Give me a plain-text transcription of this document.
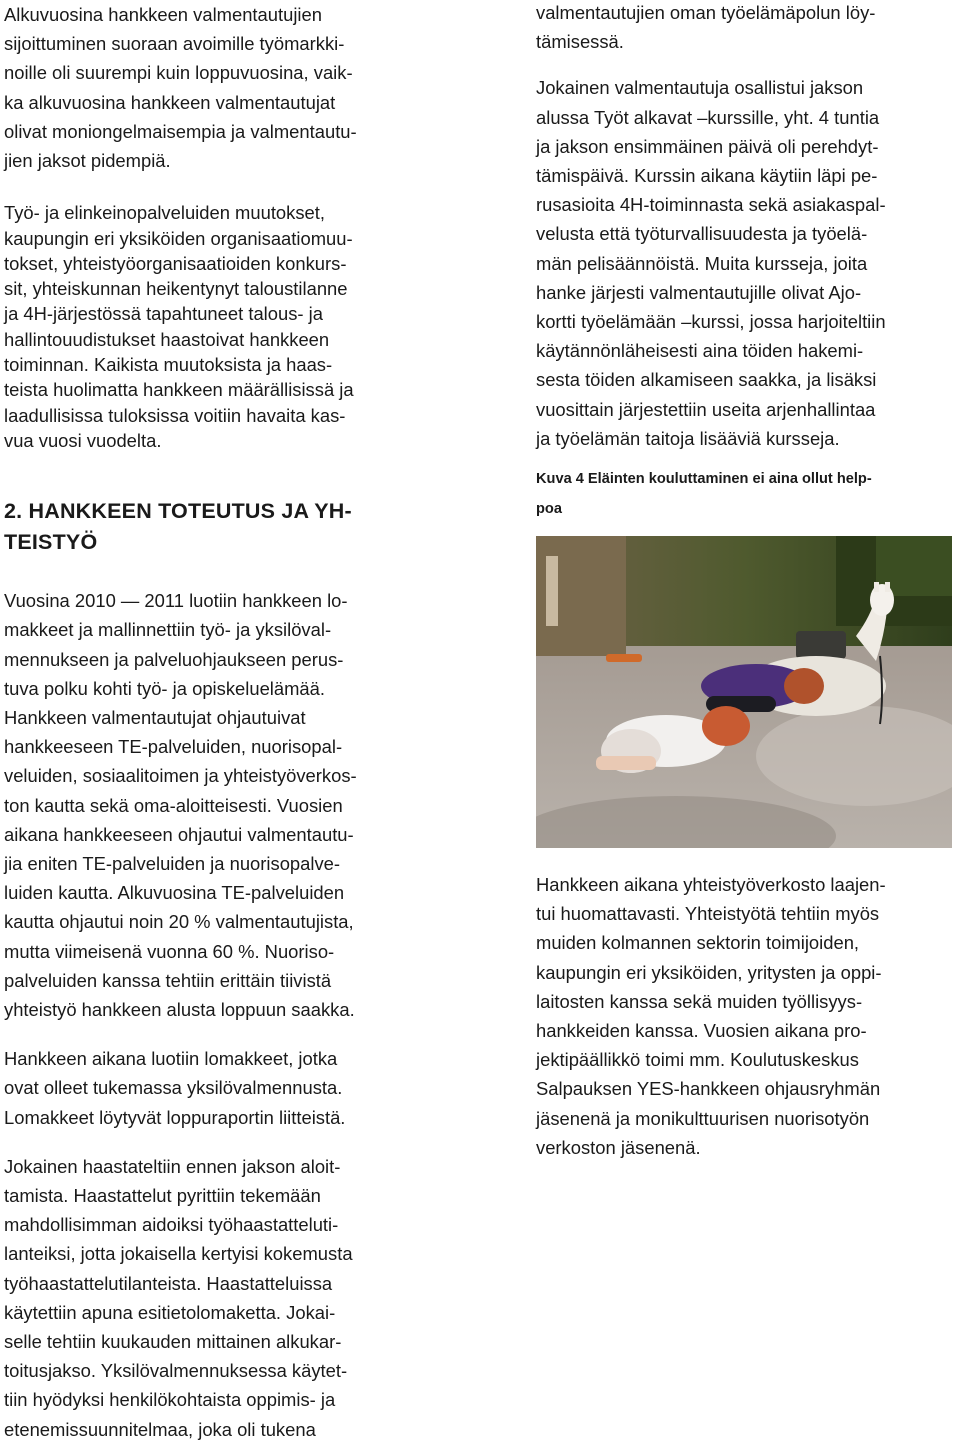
Alkuvuosina hankkeen valmentautujien
sijoittuminen suoraan avoimille työmarkki-
noille oli suurempi kuin loppuvuosina, vaik-
ka alkuvuosina hankkeen valmentautujat
olivat moniongelmaisempia ja valmentautu-
jien jaksot pidempiä.

Työ- ja elinkeinopalveluiden muutokset,
kaupungin eri yksiköiden organisaatiomuu-
tokset, yhteistyöorganisaatioiden konkurs-
sit, yhteiskunnan heikentynyt taloustilanne
ja 4H-järjestössä tapahtuneet talous- ja
hallintouudistukset haastoivat hankkeen
toiminnan. Kaikista muutoksista ja haas-
teista huolimatta hankkeen määrällisissä ja
laadullisissa tuloksissa voitiin havaita kas-
vua vuosi vuodelta.

2. HANKKEEN TOTEUTUS JA YH-
TEISTYÖ

Vuosina 2010 — 2011 luotiin hankkeen lo-
makkeet ja mallinnettiin työ- ja yksilöval-
mennukseen ja palveluohjaukseen perus-
tuva polku kohti työ- ja opiskeluelämää.
Hankkeen valmentautujat ohjautuivat
hankkeeseen TE-palveluiden, nuorisopal-
veluiden, sosiaalitoimen ja yhteistyöverkos-
ton kautta sekä oma-aloitteisesti. Vuosien
aikana hankkeeseen ohjautui valmentautu-
jia eniten TE-palveluiden ja nuorisopalve-
luiden kautta. Alkuvuosina TE-palveluiden
kautta ohjautui noin 20 % valmentautujista,
mutta viimeisenä vuonna 60 %. Nuoriso-
palveluiden kanssa tehtiin erittäin tiivistä
yhteistyö hankkeen alusta loppuun saakka.

Hankkeen aikana luotiin lomakkeet, jotka
ovat olleet tukemassa yksilövalmennusta.
Lomakkeet löytyvät loppuraportin liitteistä.

Jokainen haastateltiin ennen jakson aloit-
tamista. Haastattelut pyrittiin tekemään
mahdollisimman aidoiksi työhaastatteluti-
lanteiksi, jotta jokaisella kertyisi kokemusta
työhaastattelutilanteista. Haastatteluissa
käytettiin apuna esitietolomaketta. Jokai-
selle tehtiin kuukauden mittainen alkukar-
toitusjakso. Yksilövalmennuksessa käytet-
tiin hyödyksi henkilökohtaista oppimis- ja
etenemissuunnitelmaa, joka oli tukena

valmentautujien oman työelämäpolun löy-
tämisessä.

Jokainen valmentautuja osallistui jakson
alussa Työt alkavat –kurssille, yht. 4 tuntia
ja jakson ensimmäinen päivä oli perehdyt-
tämispäivä. Kurssin aikana käytiin läpi pe-
rusasioita 4H-toiminnasta sekä asiakaspal-
velusta että työturvallisuudesta ja työelä-
män pelisäännöistä. Muita kursseja, joita
hanke järjesti valmentautujille olivat Ajo-
kortti työelämään –kurssi, jossa harjoiteltiin
käytännönläheisesti aina töiden hakemi-
sesta töiden alkamiseen saakka, ja lisäksi
vuosittain järjestettiin useita arjenhallintaa
ja työelämän taitoja lisääviä kursseja.

Kuva 4 Eläinten kouluttaminen ei aina ollut help-
poa

Hankkeen aikana yhteistyöverkosto laajen-
tui huomattavasti. Yhteistyötä tehtiin myös
muiden kolmannen sektorin toimijoiden,
kaupungin eri yksiköiden, yritysten ja oppi-
laitosten kanssa sekä muiden työllisyys-
hankkeiden kanssa. Vuosien aikana pro-
jektipäällikkö toimi mm. Koulutuskeskus
Salpauksen YES-hankkeen ohjausryhmän
jäsenenä ja monikulttuurisen nuorisotyön
verkoston jäsenenä.
